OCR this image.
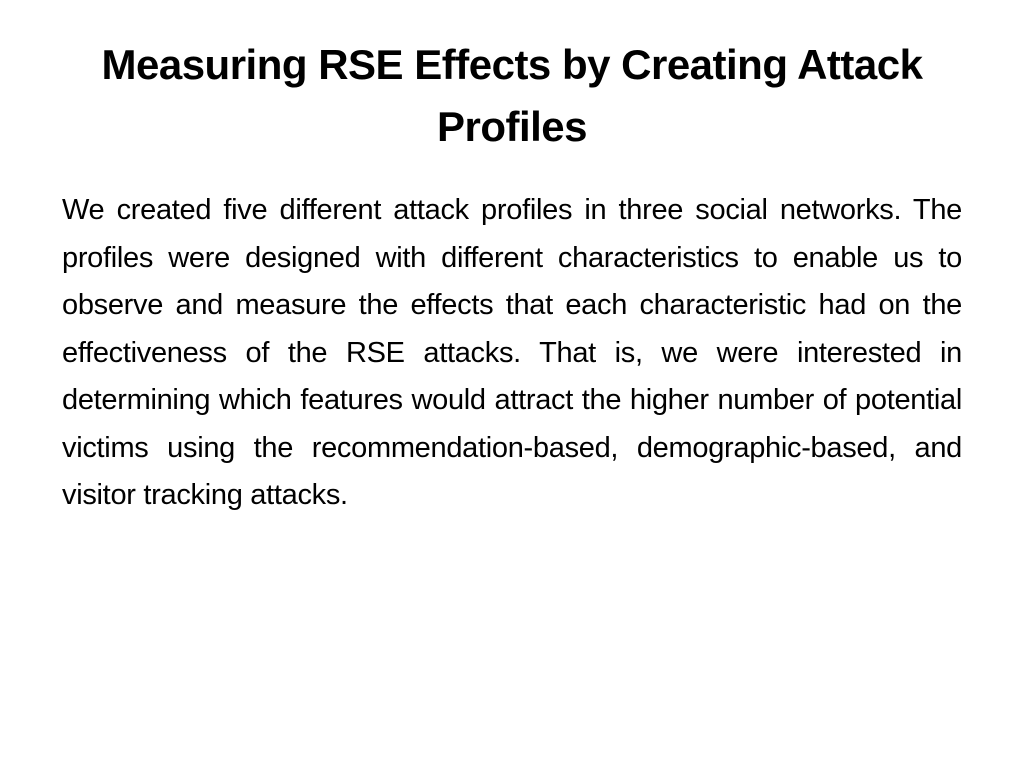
Measuring RSE Effects by Creating Attack Profiles

We created five different attack profiles in three social networks. The profiles were designed with different characteristics to enable us to observe and measure the effects that each characteristic had on the effectiveness of the RSE attacks. That is, we were interested in determining which features would attract the higher number of potential victims using the recommendation-based, demographic-based, and visitor tracking attacks.
